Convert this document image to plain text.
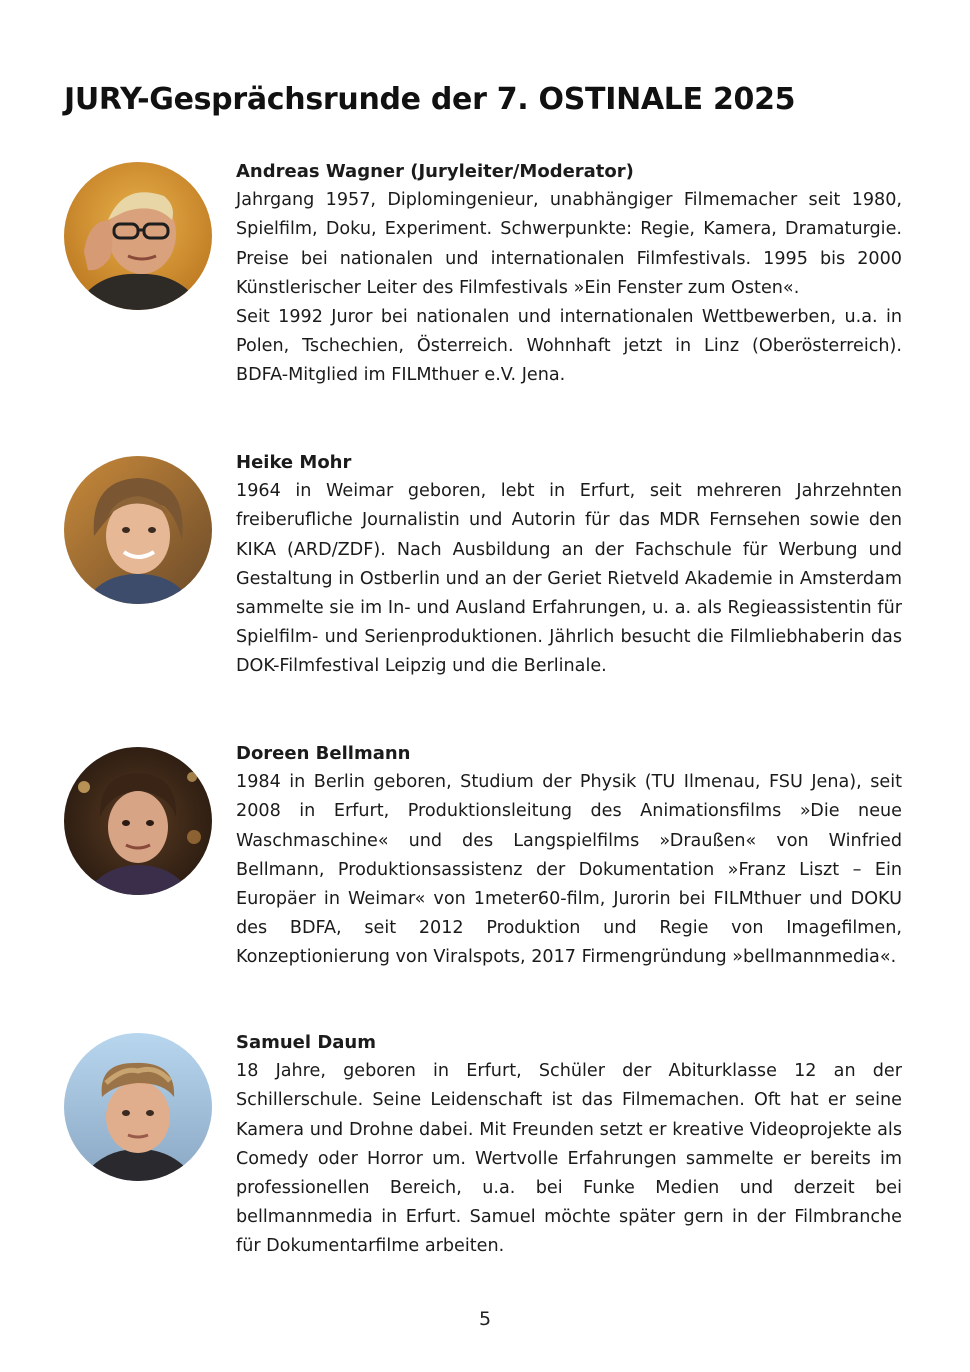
JURY-Gesprächsrunde der 7. OSTINALE 2025
Andreas Wagner (Juryleiter/Moderator)

Jahrgang 1957, Diplomingenieur, unabhängiger Filmemacher seit 1980, Spielfilm, Doku, Experiment. Schwerpunkte: Regie, Kamera, Dramaturgie. Preise bei nationalen und internationalen Filmfestivals. 1995 bis 2000 Künstlerischer Leiter des Filmfestivals »Ein Fenster zum Osten«.

Seit 1992 Juror bei nationalen und internationalen Wettbewerben, u.a. in Polen, Tschechien, Österreich. Wohnhaft jetzt in Linz (Oberösterreich). BDFA-Mitglied im FILMthuer e.V. Jena.

Heike Mohr

1964 in Weimar geboren, lebt in Erfurt, seit mehreren Jahrzehnten freiberufliche Journalistin und Autorin für das MDR Fernsehen sowie den KIKA (ARD/ZDF). Nach Ausbildung an der Fachschule für Werbung und Gestaltung in Ostberlin und an der Geriet Rietveld Akademie in Amsterdam sammelte sie im In- und Ausland Erfahrungen, u. a. als Regieassistentin für Spielfilm- und Serienproduktionen. Jährlich besucht die Filmliebhaberin das DOK-Filmfestival Leipzig und die Berlinale.

Doreen Bellmann

1984 in Berlin geboren, Studium der Physik (TU Ilmenau, FSU Jena), seit 2008 in Erfurt, Produktionsleitung des Animationsfilms »Die neue Waschmaschine« und des Langspielfilms »Draußen« von Winfried Bellmann, Produktionsassistenz der Dokumentation »Franz Liszt – Ein Europäer in Weimar« von 1meter60-film, Jurorin bei FILMthuer und DOKU des BDFA, seit 2012 Produktion und Regie von Imagefilmen, Konzeptionierung von Viralspots, 2017 Firmengründung »bellmannmedia«.

Samuel Daum

18 Jahre, geboren in Erfurt, Schüler der Abiturklasse 12 an der Schillerschule. Seine Leidenschaft ist das Filmemachen. Oft hat er seine Kamera und Drohne dabei. Mit Freunden setzt er kreative Videoprojekte als Comedy oder Horror um. Wertvolle Erfahrungen sammelte er bereits im professionellen Bereich, u.a. bei Funke Medien und derzeit bei bellmannmedia in Erfurt. Samuel möchte später gern in der Filmbranche für Dokumentarfilme arbeiten.

5
